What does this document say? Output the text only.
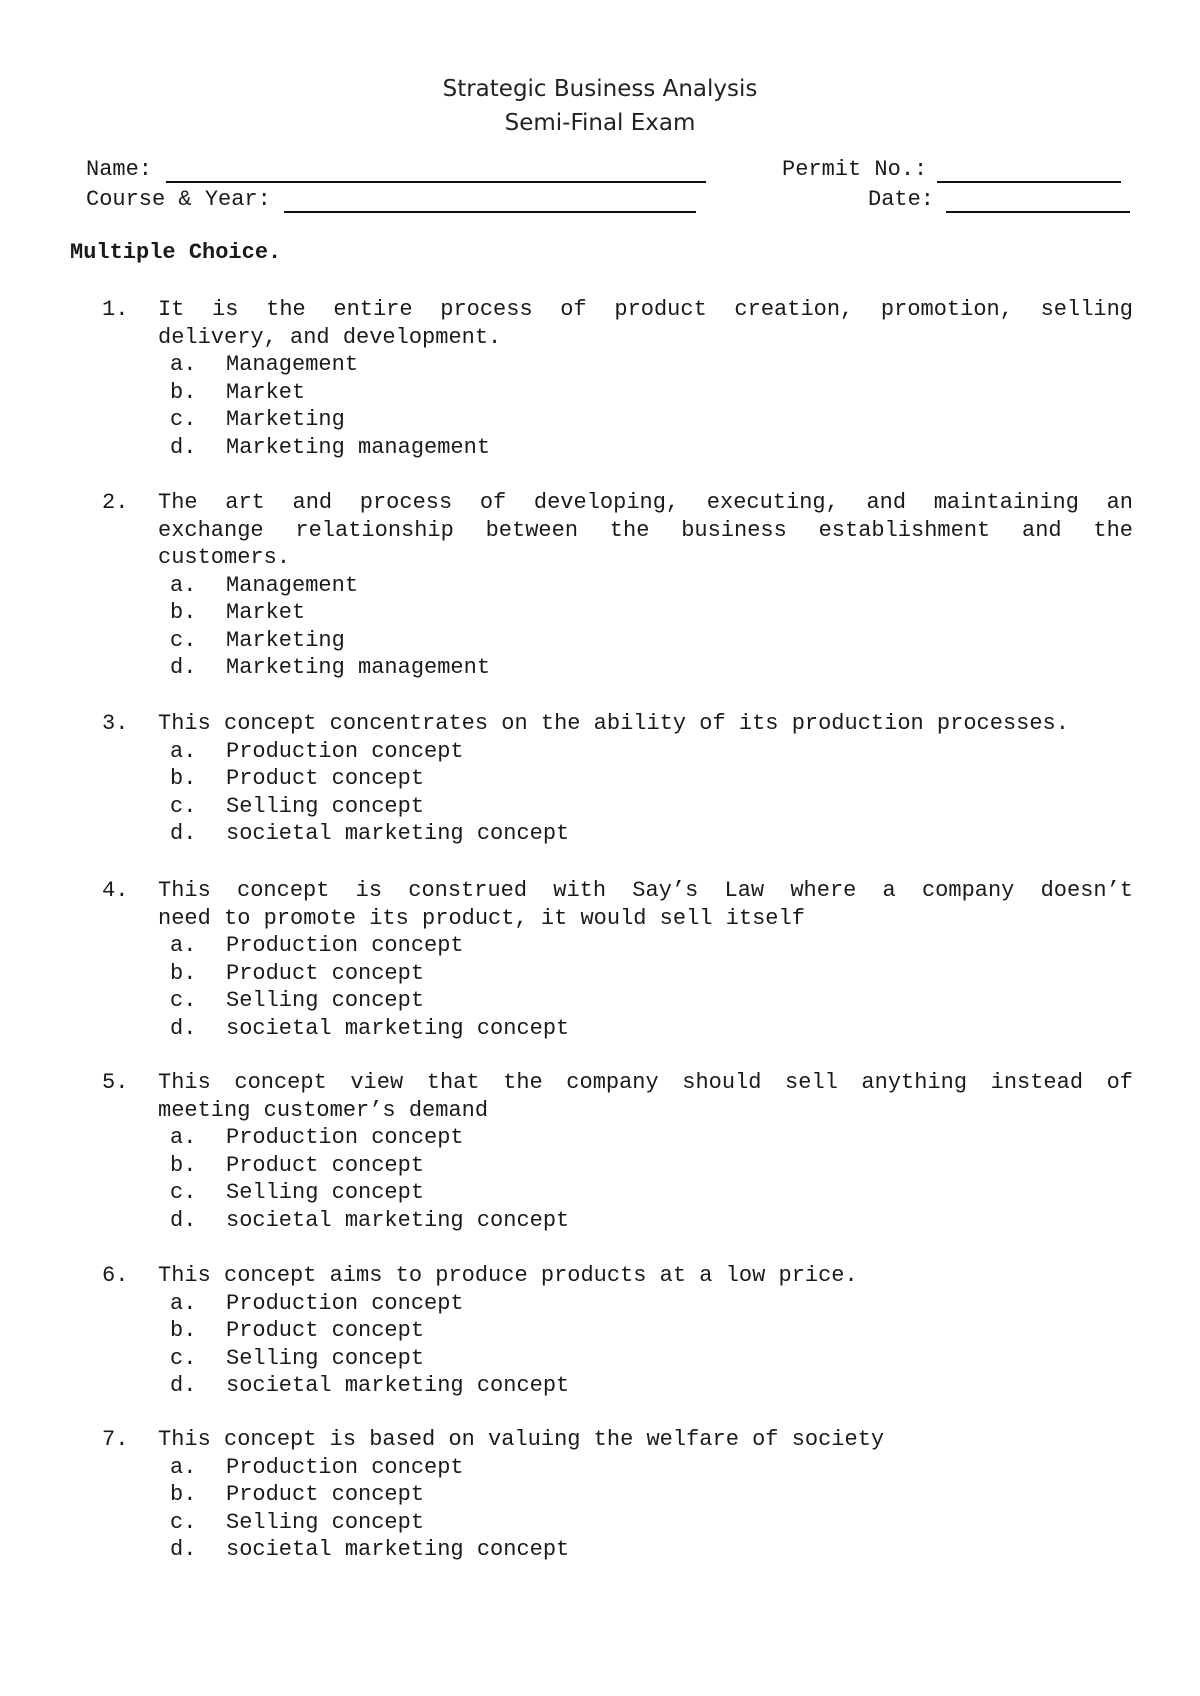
Strategic Business Analysis
Semi-Final Exam
Name:	Permit No.:
Course & Year:	Date:
Multiple Choice.
1. It is the entire process of product creation, promotion, selling
delivery, and development.
a. Management
b. Market
c. Marketing
d. Marketing management
2. The art and process of developing, executing, and maintaining an
exchange relationship between the business establishment and the
customers.
a. Management
b. Market
c. Marketing
d. Marketing management
3. This concept concentrates on the ability of its production processes.
a. Production concept
b. Product concept
c. Selling concept
d. societal marketing concept
4. This concept is construed with Say’s Law where a company doesn’t
need to promote its product, it would sell itself
a. Production concept
b. Product concept
c. Selling concept
d. societal marketing concept
5. This concept view that the company should sell anything instead of
meeting customer’s demand
a. Production concept
b. Product concept
c. Selling concept
d. societal marketing concept
6. This concept aims to produce products at a low price.
a. Production concept
b. Product concept
c. Selling concept
d. societal marketing concept
7. This concept is based on valuing the welfare of society
a. Production concept
b. Product concept
c. Selling concept
d. societal marketing concept
